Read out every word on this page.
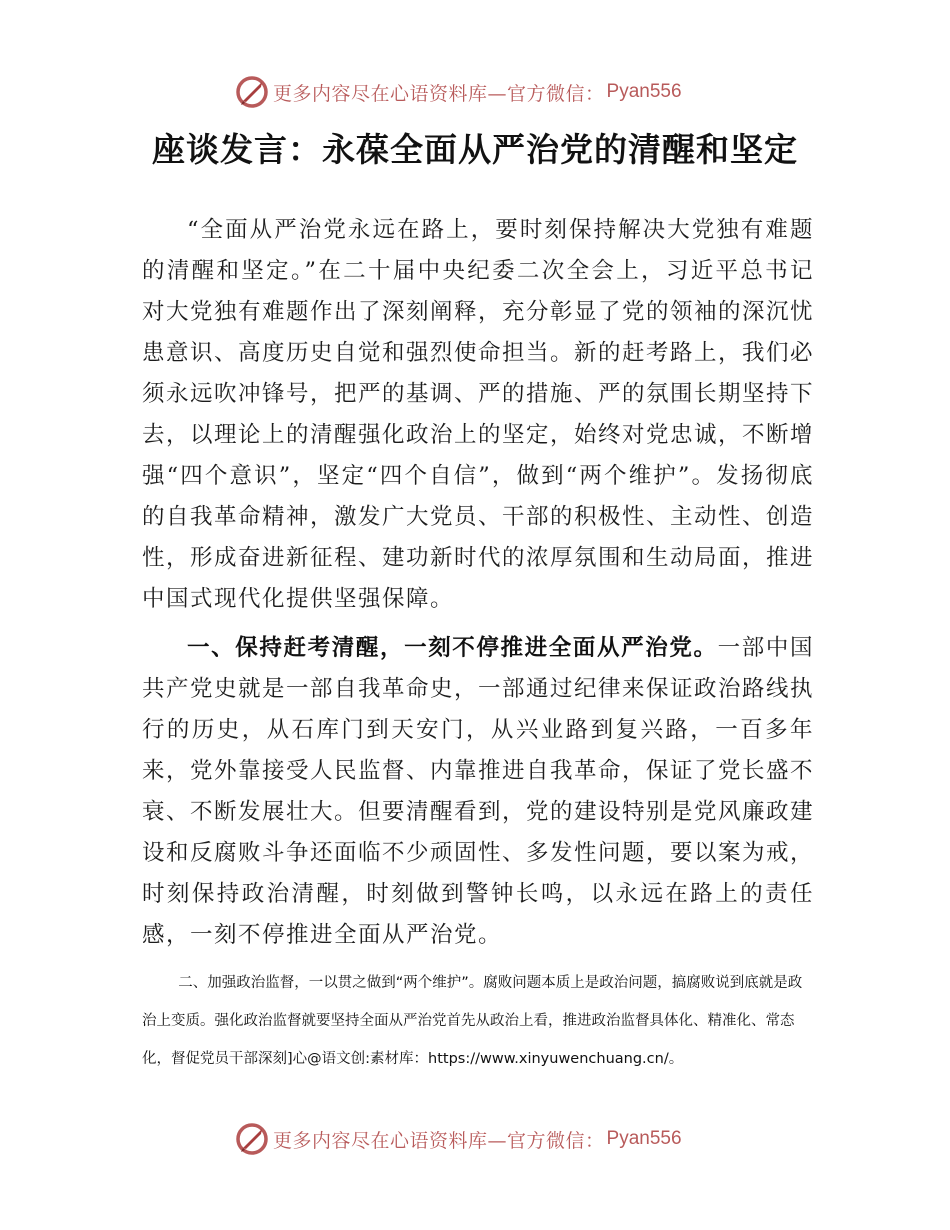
更多内容尽在心语资料库—官方微信： Pyan556
座谈发言：永葆全面从严治党的清醒和坚定

“全面从严治党永远在路上，要时刻保持解决大党独有难题的清醒和坚定。”在二十届中央纪委二次全会上，习近平总书记对大党独有难题作出了深刻阐释，充分彰显了党的领袖的深沉忧患意识、高度历史自觉和强烈使命担当。新的赶考路上，我们必须永远吹冲锋号，把严的基调、严的措施、严的氛围长期坚持下去，以理论上的清醒强化政治上的坚定，始终对党忠诚，不断增强“四个意识”，坚定“四个自信”，做到“两个维护”。发扬彻底的自我革命精神，激发广大党员、干部的积极性、主动性、创造性，形成奋进新征程、建功新时代的浓厚氛围和生动局面，推进中国式现代化提供坚强保障。

一、保持赶考清醒，一刻不停推进全面从严治党。一部中国共产党史就是一部自我革命史，一部通过纪律来保证政治路线执行的历史，从石库门到天安门，从兴业路到复兴路，一百多年来，党外靠接受人民监督、内靠推进自我革命，保证了党长盛不衰、不断发展壮大。但要清醒看到，党的建设特别是党风廉政建设和反腐败斗争还面临不少顽固性、多发性问题，要以案为戒，时刻保持政治清醒，时刻做到警钟长鸣，以永远在路上的责任感，一刻不停推进全面从严治党。

二、加强政治监督，一以贯之做到“两个维护”。腐败问题本质上是政治问题，搞腐败说到底就是政治上变质。强化政治监督就要坚持全面从严治党首先从政治上看，推进政治监督具体化、精准化、常态化，督促党员干部深刻]心@语文创:素材库：https://www.xinyuwenchuang.cn/。

更多内容尽在心语资料库—官方微信： Pyan556
